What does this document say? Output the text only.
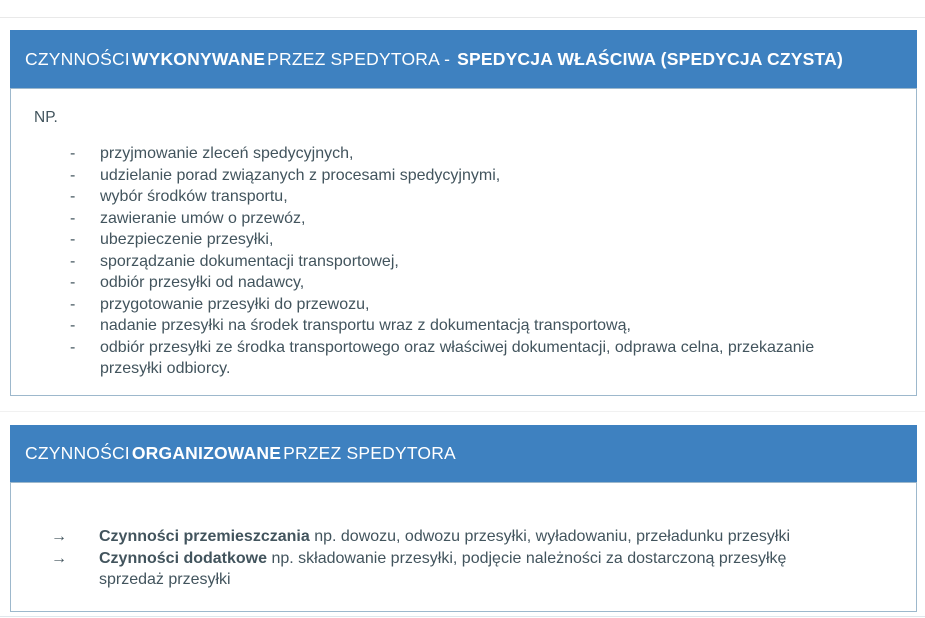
CZYNNOŚCI WYKONYWANE PRZEZ SPEDYTORA - SPEDYCJA WŁAŚCIWA (SPEDYCJA CZYSTA)

NP.

-	przyjmowanie zleceń spedycyjnych,
-	udzielanie porad związanych z procesami spedycyjnymi,
-	wybór środków transportu,
-	zawieranie umów o przewóz,
-	ubezpieczenie przesyłki,
-	sporządzanie dokumentacji transportowej,
-	odbiór przesyłki od nadawcy,
-	przygotowanie przesyłki do przewozu,
-	nadanie przesyłki na środek transportu wraz z dokumentacją transportową,
-	odbiór przesyłki ze środka transportowego oraz właściwej dokumentacji, odprawa celna, przekazanie przesyłki odbiorcy.
CZYNNOŚCI ORGANIZOWANE PRZEZ SPEDYTORA
→	Czynności przemieszczania np. dowozu, odwozu przesyłki, wyładowaniu, przeładunku przesyłki
→	Czynności dodatkowe np. składowanie przesyłki, podjęcie należności za dostarczoną przesyłkę sprzedaż przesyłki
